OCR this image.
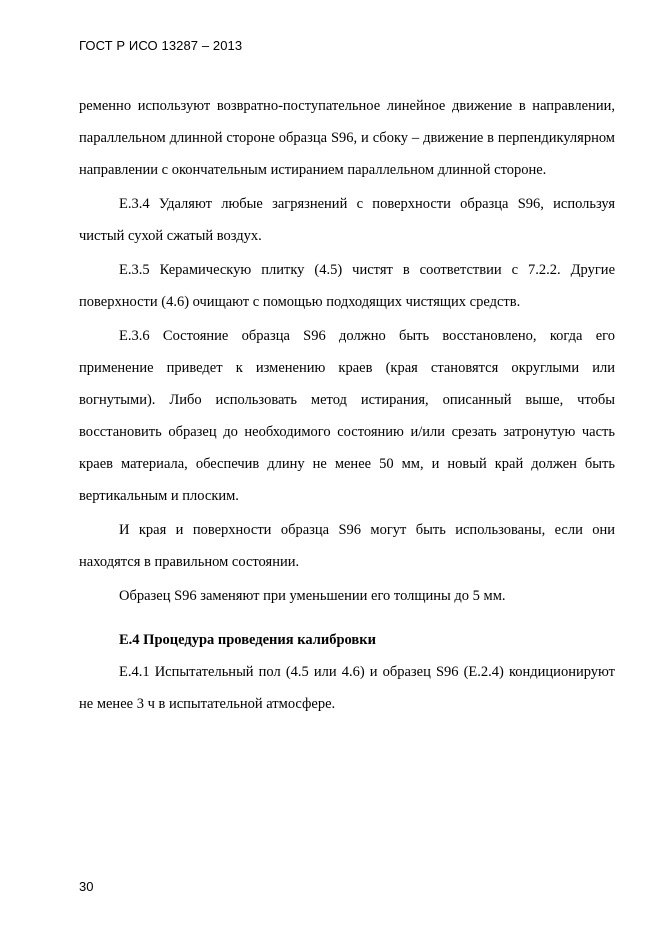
ГОСТ Р ИСО 13287 – 2013

ременно используют возвратно-поступательное линейное движение в направлении, параллельном длинной стороне образца S96, и сбоку – движение в перпендикулярном направлении с окончательным истиранием параллельном длинной стороне.

Е.3.4 Удаляют любые загрязнений с поверхности образца S96, используя чистый сухой сжатый воздух.

Е.3.5 Керамическую плитку (4.5) чистят в соответствии с 7.2.2. Другие поверхности (4.6) очищают с помощью подходящих чистящих средств.

Е.3.6 Состояние образца S96 должно быть восстановлено, когда его применение приведет к изменению краев (края становятся округлыми или вогнутыми). Либо использовать метод истирания, описанный выше, чтобы восстановить образец до необходимого состоянию и/или срезать затронутую часть краев материала, обеспечив длину не менее 50 мм, и новый край должен быть вертикальным и плоским.

И края и поверхности образца S96 могут быть использованы, если они находятся в правильном состоянии.

Образец S96 заменяют при уменьшении его толщины до 5 мм.

Е.4 Процедура проведения калибровки

Е.4.1 Испытательный пол (4.5 или 4.6) и образец S96 (Е.2.4) кондиционируют не менее 3 ч в испытательной атмосфере.

30
